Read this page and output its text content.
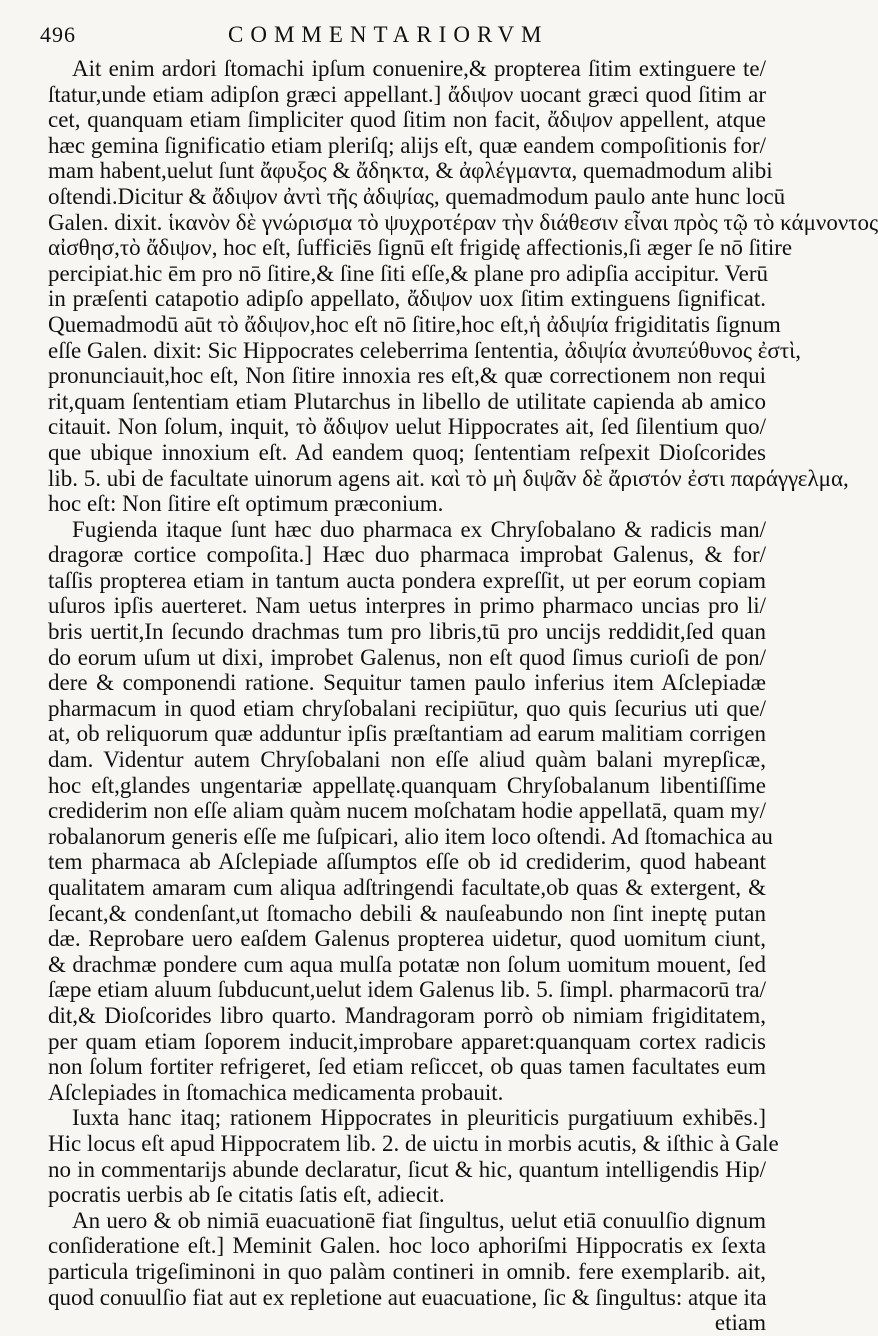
496	COMMENTARIORVM
Ait enim ardori ſtomachi ipſum conuenire,& propterea ſitim extinguere te/
ſtatur,unde etiam adipſon græci appellant.] ἄδιψον uocant græci quod ſitim ar
cet, quanquam etiam ſimpliciter quod ſitim non facit, ἄδιψον appellent, atque
hæc gemina ſignificatio etiam pleriſq; alijs eſt, quæ eandem compoſitionis for/
mam habent,uelut ſunt ἄφυξος & ἄδηκτα, & ἀφλέγμαντα, quemadmodum alibi
oſtendi.Dicitur & ἄδιψον ἀντὶ τῆς ἀδιψίας, quemadmodum paulo ante hunc locū
Galen. dixit. ἱκανὸν δὲ γνώρισμα τὸ ψυχροτέραν τὴν διάθεσιν εἶναι πρὸς τῷ τὸ κάμνοντος
αἰσθησ,τὸ ἄδιψον, hoc eſt, ſufficiēs ſignū eſt frigidę affectionis,ſi æger ſe nō ſitire
percipiat.hic ēm pro nō ſitire,& ſine ſiti eſſe,& plane pro adipſia accipitur. Verū
in præſenti catapotio adipſo appellato, ἄδιψον uox ſitim extinguens ſignificat.
Quemadmodū aūt τὸ ἄδιψον,hoc eſt nō ſitire,hoc eſt,ἡ ἀδιψία frigiditatis ſignum
eſſe Galen. dixit: Sic Hippocrates celeberrima ſententia, ἀδιψία ἀνυπεύθυνος ἐστὶ,
pronunciauit,hoc eſt, Non ſitire innoxia res eſt,& quæ correctionem non requi
rit,quam ſententiam etiam Plutarchus in libello de utilitate capienda ab amico
citauit. Non ſolum, inquit, τὸ ἄδιψον uelut Hippocrates ait, ſed ſilentium quo/
que ubique innoxium eſt. Ad eandem quoq; ſententiam reſpexit Dioſcorides
lib. 5. ubi de facultate uinorum agens ait. καὶ τὸ μὴ διψᾶν δὲ ἄριστόν ἐστι παράγγελμα,
hoc eſt: Non ſitire eſt optimum præconium.
Fugienda itaque ſunt hæc duo pharmaca ex Chryſobalano & radicis man/
dragoræ cortice compoſita.] Hæc duo pharmaca improbat Galenus, & for/
taſſis propterea etiam in tantum aucta pondera expreſſit, ut per eorum copiam
uſuros ipſis auerteret. Nam uetus interpres in primo pharmaco uncias pro li/
bris uertit,In ſecundo drachmas tum pro libris,tū pro uncijs reddidit,ſed quan
do eorum uſum ut dixi, improbet Galenus, non eſt quod ſimus curioſi de pon/
dere & componendi ratione. Sequitur tamen paulo inferius item Aſclepiadæ
pharmacum in quod etiam chryſobalani recipiūtur, quo quis ſecurius uti que/
at, ob reliquorum quæ adduntur ipſis præſtantiam ad earum malitiam corrigen
dam. Videntur autem Chryſobalani non eſſe aliud quàm balani myrepſicæ,
hoc eſt,glandes ungentariæ appellatę.quanquam Chryſobalanum libentiſſime
crediderim non eſſe aliam quàm nucem moſchatam hodie appellatā, quam my/
robalanorum generis eſſe me ſuſpicari, alio item loco oſtendi. Ad ſtomachica au
tem pharmaca ab Aſclepiade aſſumptos eſſe ob id crediderim, quod habeant
qualitatem amaram cum aliqua adſtringendi facultate,ob quas & extergent, &
ſecant,& condenſant,ut ſtomacho debili & nauſeabundo non ſint ineptę putan
dæ. Reprobare uero eaſdem Galenus propterea uidetur, quod uomitum ciunt,
& drachmæ pondere cum aqua mulſa potatæ non ſolum uomitum mouent, ſed
ſæpe etiam aluum ſubducunt,uelut idem Galenus lib. 5. ſimpl. pharmacorū tra/
dit,& Dioſcorides libro quarto. Mandragoram porrò ob nimiam frigiditatem,
per quam etiam ſoporem inducit,improbare apparet:quanquam cortex radicis
non ſolum fortiter refrigeret, ſed etiam reſiccet, ob quas tamen facultates eum
Aſclepiades in ſtomachica medicamenta probauit.
Iuxta hanc itaq; rationem Hippocrates in pleuriticis purgatiuum exhibēs.]
Hic locus eſt apud Hippocratem lib. 2. de uictu in morbis acutis, & iſthic à Gale
no in commentarijs abunde declaratur, ſicut & hic, quantum intelligendis Hip/
pocratis uerbis ab ſe citatis ſatis eſt, adiecit.
An uero & ob nimiā euacuationē fiat ſingultus, uelut etiā conuulſio dignum
conſideratione eſt.] Meminit Galen. hoc loco aphoriſmi Hippocratis ex ſexta
particula trigeſiminoni in quo palàm contineri in omnib. fere exemplarib. ait,
quod conuulſio fiat aut ex repletione aut euacuatione, ſic & ſingultus: atque ita
etiam
